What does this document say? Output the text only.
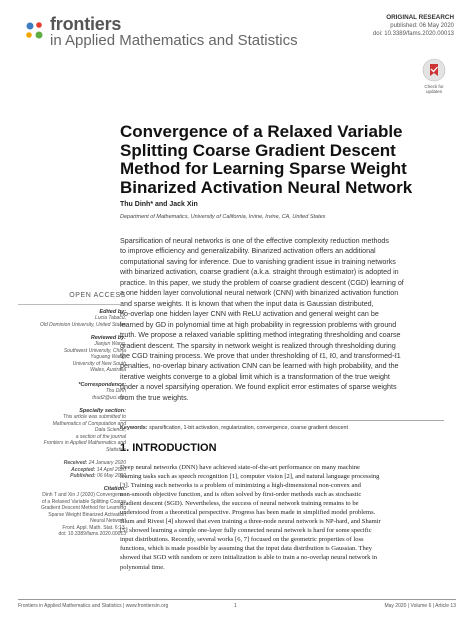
frontiers
in Applied Mathematics and Statistics
ORIGINAL RESEARCH
published: 06 May 2020
doi: 10.3389/fams.2020.00013
Check for updates
Convergence of a Relaxed Variable
Splitting Coarse Gradient Descent
Method for Learning Sparse Weight
Binarized Activation Neural Network
Thu Dinh* and Jack Xin
Department of Mathematics, University of California, Irvine, Irvine, CA, United States
Sparsification of neural networks is one of the effective complexity reduction methods
to improve efficiency and generalizability. Binarized activation offers an additional
computational saving for inference. Due to vanishing gradient issue in training networks
with binarized activation, coarse gradient (a.k.a. straight through estimator) is adopted in
practice. In this paper, we study the problem of coarse gradient descent (CGD) learning of
a one hidden layer convolutional neural network (CNN) with binarized activation function
and sparse weights. It is known that when the input data is Gaussian distributed,
no-overlap one hidden layer CNN with ReLU activation and general weight can be
learned by GD in polynomial time at high probability in regression problems with ground
truth. We propose a relaxed variable splitting method integrating thresholding and coarse
gradient descent. The sparsity in network weight is realized through thresholding during
the CGD training process. We prove that under thresholding of ℓ1, ℓ0, and transformed-ℓ1
penalties, no-overlap binary activation CNN can be learned with high probability, and the
iterative weights converge to a global limit which is a transformation of the true weight
under a novel sparsifying operation. We found explicit error estimates of sparse weights
from the true weights.
Keywords: sparsification, 1-bit activation, regularization, convergence, coarse gradient descent
1. INTRODUCTION
Deep neural networks (DNN) have achieved state-of-the-art performance on many machine
learning tasks such as speech recognition [1], computer vision [2], and natural language processing
[3]. Training such networks is a problem of minimizing a high-dimensional non-convex and
non-smooth objective function, and is often solved by first-order methods such as stochastic
gradient descent (SGD). Nevertheless, the success of neural network training remains to be
understood from a theoretical perspective. Progress has been made in simplified model problems.
Blum and Rivest [4] showed that even training a three-node neural network is NP-hard, and Shamir
[5] showed learning a simple one-layer fully connected neural network is hard for some specific
input distributions. Recently, several works [6, 7] focused on the geometric properties of loss
functions, which is made possible by assuming that the input data distribution is Gaussian. They
showed that SGD with random or zero initialization is able to train a no-overlap neural network in
polynomial time.
OPEN ACCESS
Edited by:
Lucia Tabacu,
Old Dominion University, United States
Reviewed by:
Jianjun Wang,
Southwest University, China
Yuguang Wang,
University of New South
Wales, Australia
*Correspondence:
Thu Dinh
thud2@uci.edu
Specialty section:
This article was submitted to
Mathematics of Computation and
Data Science,
a section of the journal
Frontiers in Applied Mathematics and
Statistics
Received: 24 January 2020
Accepted: 14 April 2020
Published: 06 May 2020
Citation:
Dinh T and Xin J (2020) Convergence
of a Relaxed Variable Splitting Coarse
Gradient Descent Method for Learning
Sparse Weight Binarized Activation
Neural Network.
Front. Appl. Math. Stat. 6:13.
doi: 10.3389/fams.2020.00013
Frontiers in Applied Mathematics and Statistics | www.frontiersin.org	1	May 2020 | Volume 6 | Article 13
